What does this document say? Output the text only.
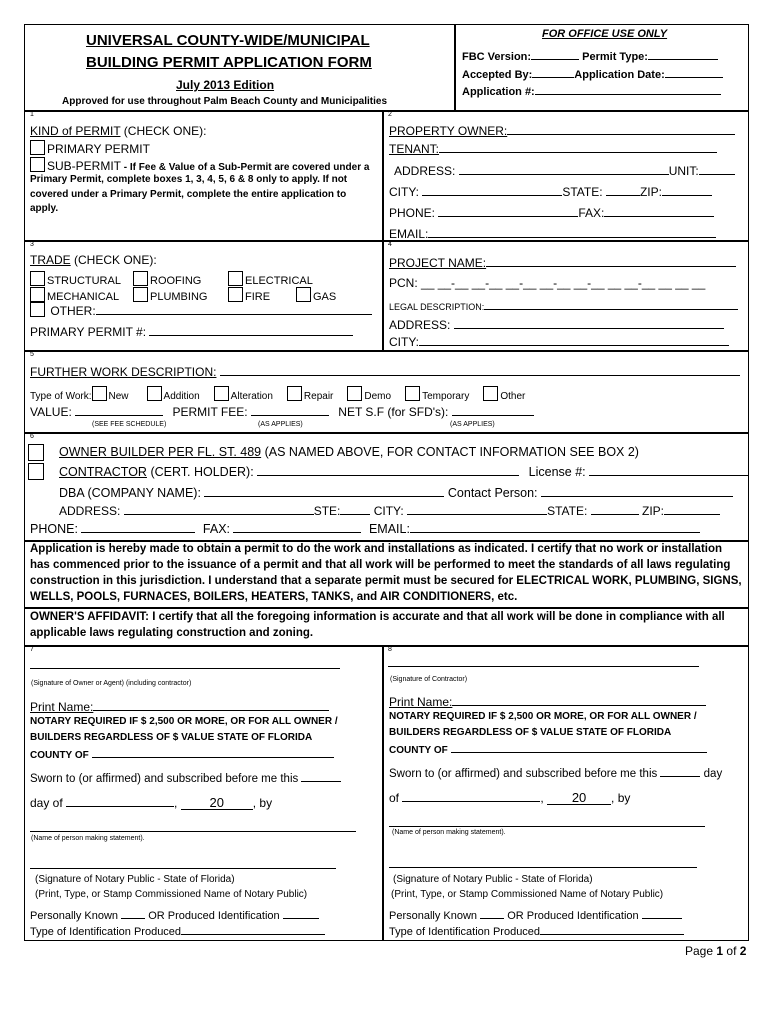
UNIVERSAL COUNTY-WIDE/MUNICIPAL
BUILDING PERMIT APPLICATION FORM
July 2013 Edition
Approved for use throughout Palm Beach County and Municipalities
FOR OFFICE USE ONLY
FBC Version:	Permit Type:
Accepted By:	Application Date:
Application #:
1
KIND of PERMIT (CHECK ONE):
PRIMARY PERMIT
SUB-PERMIT - If Fee & Value of a Sub-Permit are covered under a
Primary Permit, complete boxes 1, 3, 4, 5, 6 & 8 only to apply. If not
covered under a Primary Permit, complete the entire application to
apply.
2
PROPERTY OWNER:
TENANT:
ADDRESS:	UNIT:
CITY:	STATE:	ZIP:
PHONE:	FAX:
EMAIL:
3
TRADE (CHECK ONE):
STRUCTURAL	ROOFING	ELECTRICAL
MECHANICAL	PLUMBING	FIRE	GAS
OTHER:
PRIMARY PERMIT #:
4
PROJECT NAME:
PCN: __ __-__ __-__ __-__ __-__ __-__ __ __-__ __ __ __
LEGAL DESCRIPTION:
ADDRESS:
CITY:
5
FURTHER WORK DESCRIPTION:
Type of Work: New	Addition	Alteration	Repair	Demo	Temporary	Other
VALUE:	PERMIT FEE:	NET S.F (for SFD's):
(SEE FEE SCHEDULE)	(AS APPLIES)	(AS APPLIES)
6
OWNER BUILDER PER FL. ST. 489 (AS NAMED ABOVE, FOR CONTACT INFORMATION SEE BOX 2)
CONTRACTOR (CERT. HOLDER):	License #:
DBA (COMPANY NAME):	Contact Person:
ADDRESS:	STE:	CITY:	STATE:	ZIP:
PHONE:	FAX:	EMAIL:
Application is hereby made to obtain a permit to do the work and installations as indicated. I certify that no work or installation
has commenced prior to the issuance of a permit and that all work will be performed to meet the standards of all laws regulating
construction in this jurisdiction. I understand that a separate permit must be secured for ELECTRICAL WORK, PLUMBING, SIGNS,
WELLS, POOLS, FURNACES, BOILERS, HEATERS, TANKS, and AIR CONDITIONERS, etc.
OWNER'S AFFIDAVIT: I certify that all the foregoing information is accurate and that all work will be done in compliance with all
applicable laws regulating construction and zoning.
7
(Signature of Owner or Agent) (including contractor)
Print Name:
NOTARY REQUIRED IF $ 2,500 OR MORE, OR FOR ALL OWNER /
BUILDERS REGARDLESS OF $ VALUE STATE OF FLORIDA
COUNTY OF
Sworn to (or affirmed) and subscribed before me this
day of	, 20 , by
(Name of person making statement).
(Signature of Notary Public - State of Florida)
(Print, Type, or Stamp Commissioned Name of Notary Public)
Personally Known	OR Produced Identification
Type of Identification Produced
8
(Signature of Contractor)
Print Name:
NOTARY REQUIRED IF $ 2,500 OR MORE, OR FOR ALL OWNER /
BUILDERS REGARDLESS OF $ VALUE STATE OF FLORIDA
COUNTY OF
Sworn to (or affirmed) and subscribed before me this	day
of	, 20 , by
(Name of person making statement).
(Signature of Notary Public - State of Florida)
(Print, Type, or Stamp Commissioned Name of Notary Public)
Personally Known	OR Produced Identification
Type of Identification Produced
Page 1 of 2
